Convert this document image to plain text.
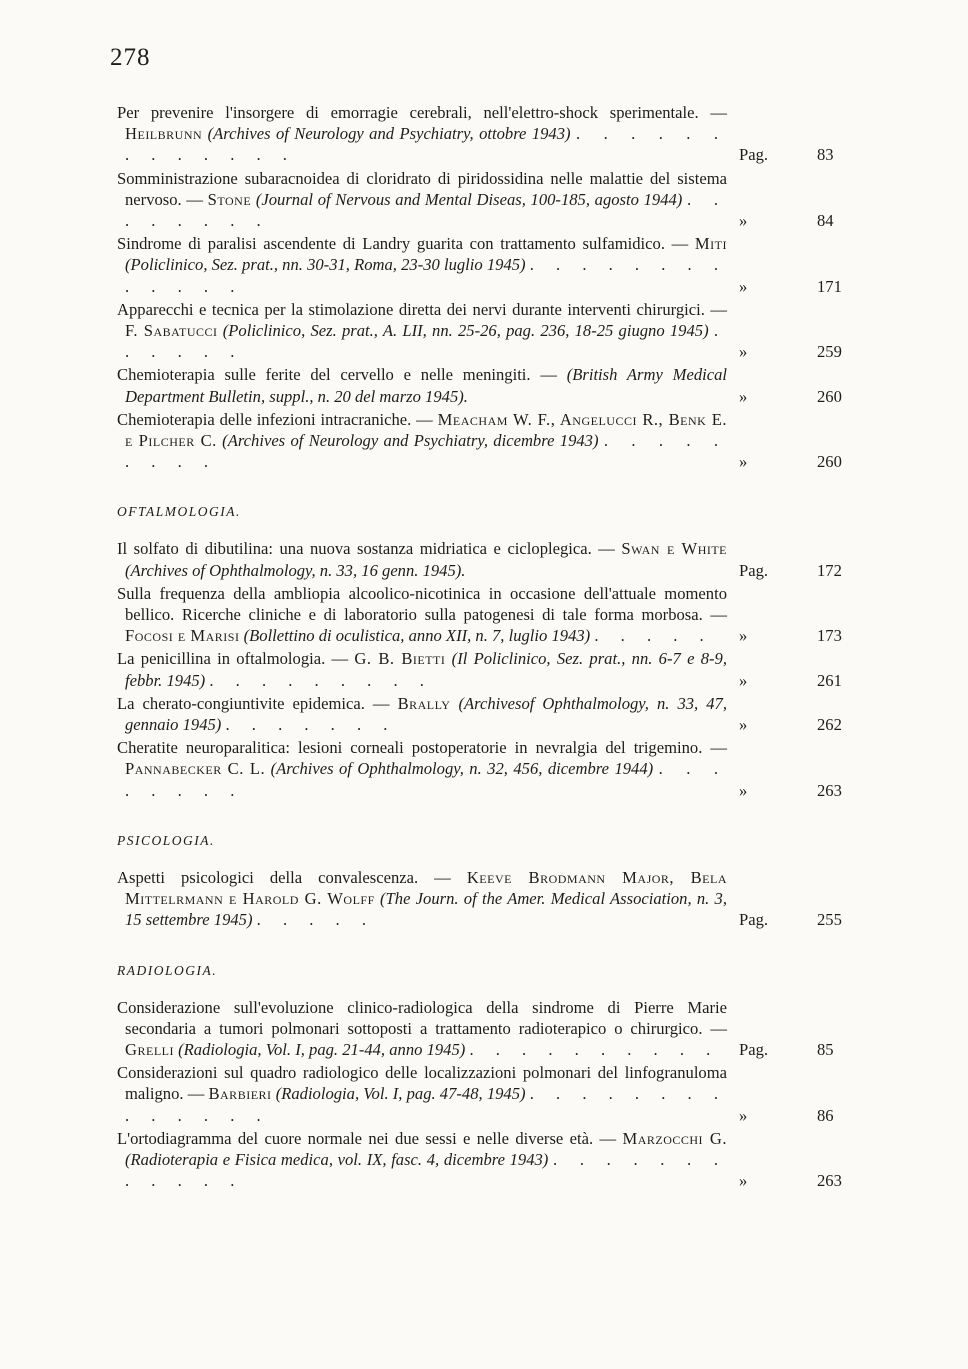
278
Per prevenire l'insorgere di emorragie cerebrali, nell'elettro-shock sperimentale. — Heilbrunn (Archives of Neurology and Psychiatry, ottobre 1943) . . . . . . . . . . . . .	Pag.	83
Somministrazione subaracnoidea di cloridrato di piridossidina nelle malattie del sistema nervoso. — Stone (Journal of Nervous and Mental Diseas, 100-185, agosto 1944) . . . . . . . .	»	84
Sindrome di paralisi ascendente di Landry guarita con trattamento sulfamidico. — Miti (Policlinico, Sez. prat., nn. 30-31, Roma, 23-30 luglio 1945) . . . . . . . . . . . . .	»	171
Apparecchi e tecnica per la stimolazione diretta dei nervi durante interventi chirurgici. — F. Sabatucci (Policlinico, Sez. prat., A. LII, nn. 25-26, pag. 236, 18-25 giugno 1945) . . . . . .	»	259
Chemioterapia sulle ferite del cervello e nelle meningiti. — (British Army Medical Department Bulletin, suppl., n. 20 del marzo 1945).	»	260
Chemioterapia delle infezioni intracraniche. — Meacham W. F., Angelucci R., Benk E. e Pilcher C. (Archives of Neurology and Psychiatry, dicembre 1943) . . . . . . . . .	»	260
OFTALMOLOGIA.
Il solfato di dibutilina: una nuova sostanza midriatica e cicloplegica. — Swan e White (Archives of Ophthalmology, n. 33, 16 genn. 1945).	Pag.	172
Sulla frequenza della ambliopia alcoolico-nicotinica in occasione dell'attuale momento bellico. Ricerche cliniche e di laboratorio sulla patogenesi di tale forma morbosa. — Focosi e Marisi (Bollettino di oculistica, anno XII, n. 7, luglio 1943) . . . . . »	173
La penicillina in oftalmologia. — G. B. Bietti (Il Policlinico, Sez. prat., nn. 6-7 e 8-9, febbr. 1945) . . . . . . . . .	»	261
La cherato-congiuntivite epidemica. — Brally (Archivesof Ophthalmology, n. 33, 47, gennaio 1945) . . . . . . .	»	262
Cheratite neuroparalitica: lesioni corneali postoperatorie in nevralgia del trigemino. — Pannabecker C. L. (Archives of Ophthalmology, n. 32, 456, dicembre 1944) . . . . . . . .	»	263
PSICOLOGIA.
Aspetti psicologici della convalescenza. — Keeve Brodmann Major, Bela Mittelrmann e Harold G. Wolff (The Journ. of the Amer. Medical Association, n. 3, 15 settembre 1945) . . . . .	Pag.	255
RADIOLOGIA.
Considerazione sull'evoluzione clinico-radiologica della sindrome di Pierre Marie secondaria a tumori polmonari sottoposti a trattamento radioterapico o chirurgico. — Grelli (Radiologia, Vol. I, pag. 21-44, anno 1945) . . . . . . . . . . Pag.	85
Considerazioni sul quadro radiologico delle localizzazioni polmonari del linfogranuloma maligno. — Barbieri (Radiologia, Vol. I, pag. 47-48, 1945) . . . . . . . . . . . . . .	»	86
L'ortodiagramma del cuore normale nei due sessi e nelle diverse età. — Marzocchi G. (Radioterapia e Fisica medica, vol. IX, fasc. 4, dicembre 1943) . . . . . . . . . . . .	»	263
